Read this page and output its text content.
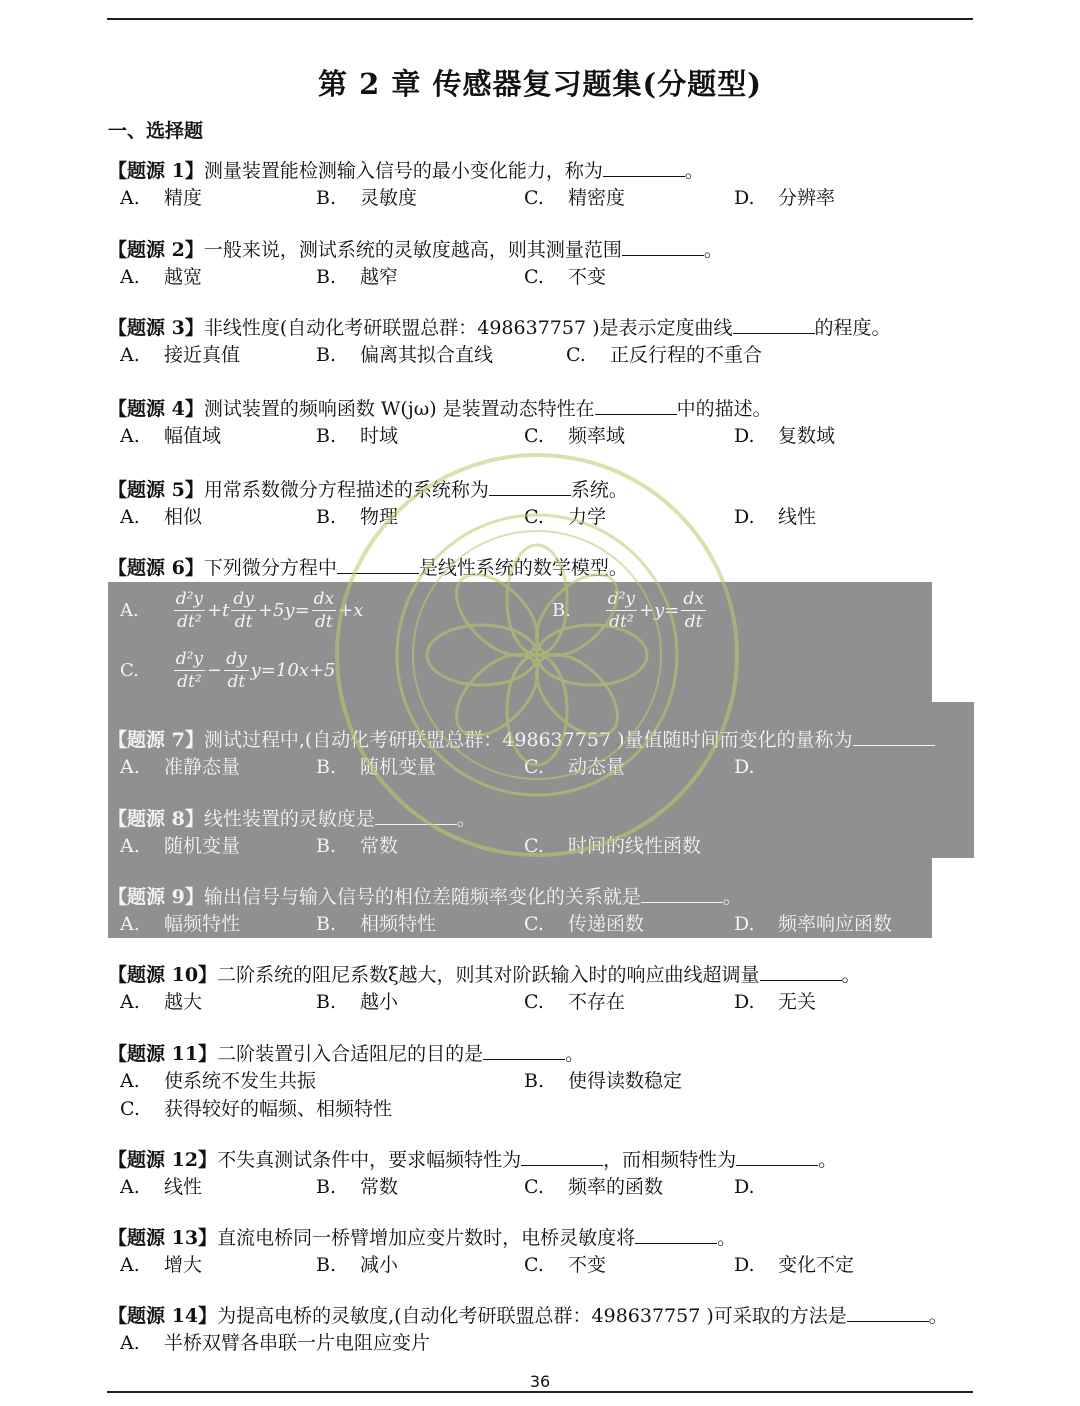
第 2 章 传感器复习题集(分题型)
一、选择题
【题源 1】测量装置能检测输入信号的最小变化能力，称为	。
A. 精度	B. 灵敏度	C. 精密度	D. 分辨率
【题源 2】一般来说，测试系统的灵敏度越高，则其测量范围	。
A. 越宽	B. 越窄	C. 不变
【题源 3】非线性度(自动化考研联盟总群：498637757 )是表示定度曲线	的程度。
A. 接近真值	B. 偏离其拟合直线	C. 正反行程的不重合
【题源 4】测试装置的频响函数 W(jω) 是装置动态特性在	中的描述。
A. 幅值域	B. 时域	C. 频率域	D. 复数域
【题源 5】用常系数微分方程描述的系统称为	系统。
A. 相似	B. 物理	C. 力学	D. 线性
【题源 6】下列微分方程中	是线性系统的数学模型。
A. $\frac{\text{d²y}}{\text{dt²}} +t \frac{dy}{dt} +5y= \frac{dx}{dt} +x$	B. $\frac{\text{d²y}}{\text{dt²}} +y= \frac{dx}{dt}$
C. $\frac{\text{d²y}}{\text{dt²}} - \frac{dy}{dt} y=10x+5$
【题源 7】测试过程中,(自动化考研联盟总群：498637757 )量值随时间而变化的量称为
A. 准静态量	B. 随机变量	C. 动态量	D.
【题源 8】线性装置的灵敏度是	。
A. 随机变量	B. 常数	C. 时间的线性函数
【题源 9】输出信号与输入信号的相位差随频率变化的关系就是	。
A. 幅频特性	B. 相频特性	C. 传递函数	D. 频率响应函数
【题源 10】二阶系统的阻尼系数ξ越大，则其对阶跃输入时的响应曲线超调量	。
A. 越大	B. 越小	C. 不存在	D. 无关
【题源 11】二阶装置引入合适阻尼的目的是	。
A. 使系统不发生共振	B. 使得读数稳定
C. 获得较好的幅频、相频特性
【题源 12】不失真测试条件中，要求幅频特性为	，而相频特性为	。
A. 线性	B. 常数	C. 频率的函数	D.
【题源 13】直流电桥同一桥臂增加应变片数时，电桥灵敏度将	。
A. 增大	B. 减小	C. 不变	D. 变化不定
【题源 14】为提高电桥的灵敏度,(自动化考研联盟总群：498637757 )可采取的方法是	。
A. 半桥双臂各串联一片电阻应变片
36
